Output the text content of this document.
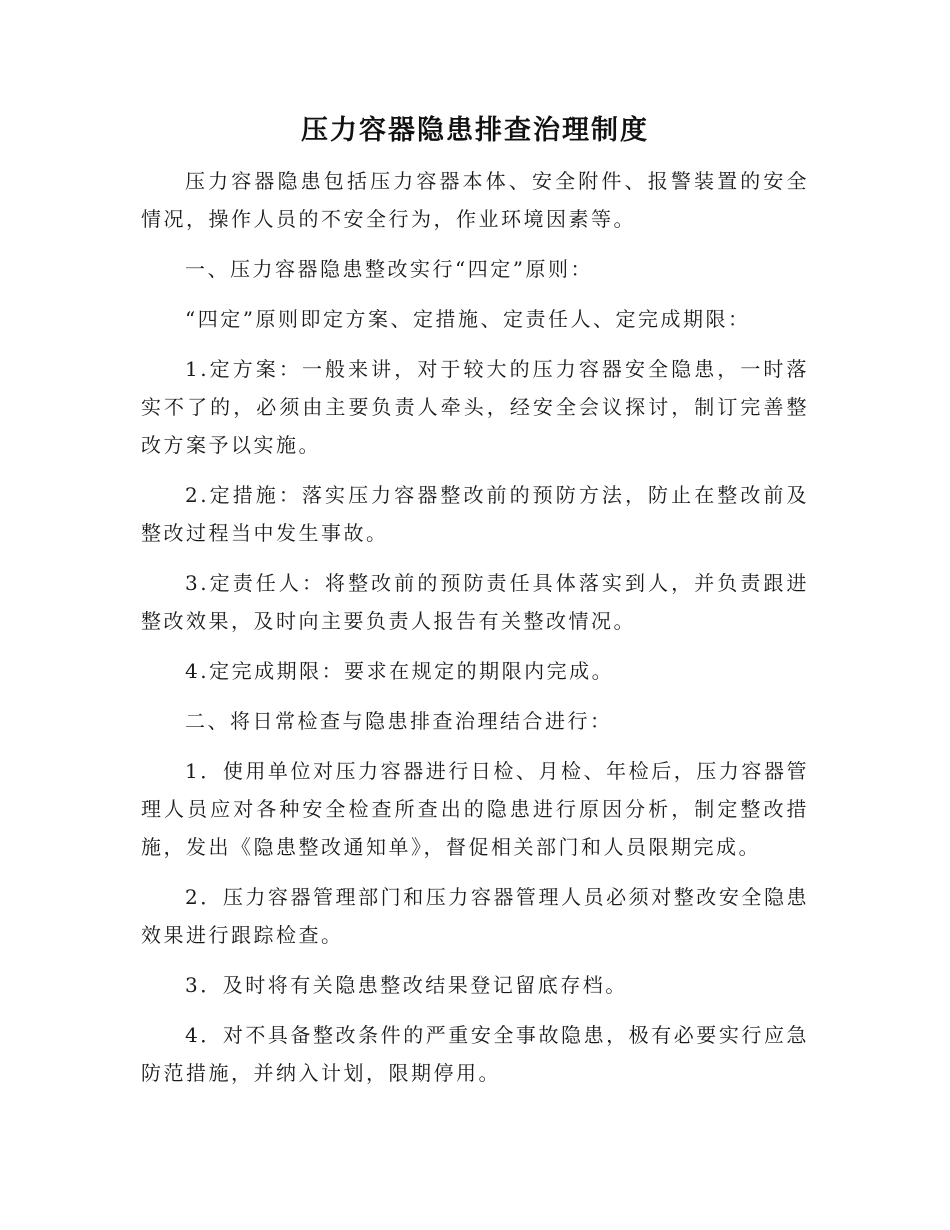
压力容器隐患排查治理制度

压力容器隐患包括压力容器本体、安全附件、报警装置的安全情况，操作人员的不安全行为，作业环境因素等。

一、压力容器隐患整改实行“四定”原则：

“四定”原则即定方案、定措施、定责任人、定完成期限：

1.定方案：一般来讲，对于较大的压力容器安全隐患，一时落实不了的，必须由主要负责人牵头，经安全会议探讨，制订完善整改方案予以实施。

2.定措施：落实压力容器整改前的预防方法，防止在整改前及整改过程当中发生事故。

3.定责任人：将整改前的预防责任具体落实到人，并负责跟进整改效果，及时向主要负责人报告有关整改情况。

4.定完成期限：要求在规定的期限内完成。

二、将日常检查与隐患排查治理结合进行：

1．使用单位对压力容器进行日检、月检、年检后，压力容器管理人员应对各种安全检查所查出的隐患进行原因分析，制定整改措施，发出《隐患整改通知单》，督促相关部门和人员限期完成。

2．压力容器管理部门和压力容器管理人员必须对整改安全隐患效果进行跟踪检查。

3．及时将有关隐患整改结果登记留底存档。

4．对不具备整改条件的严重安全事故隐患，极有必要实行应急防范措施，并纳入计划，限期停用。
